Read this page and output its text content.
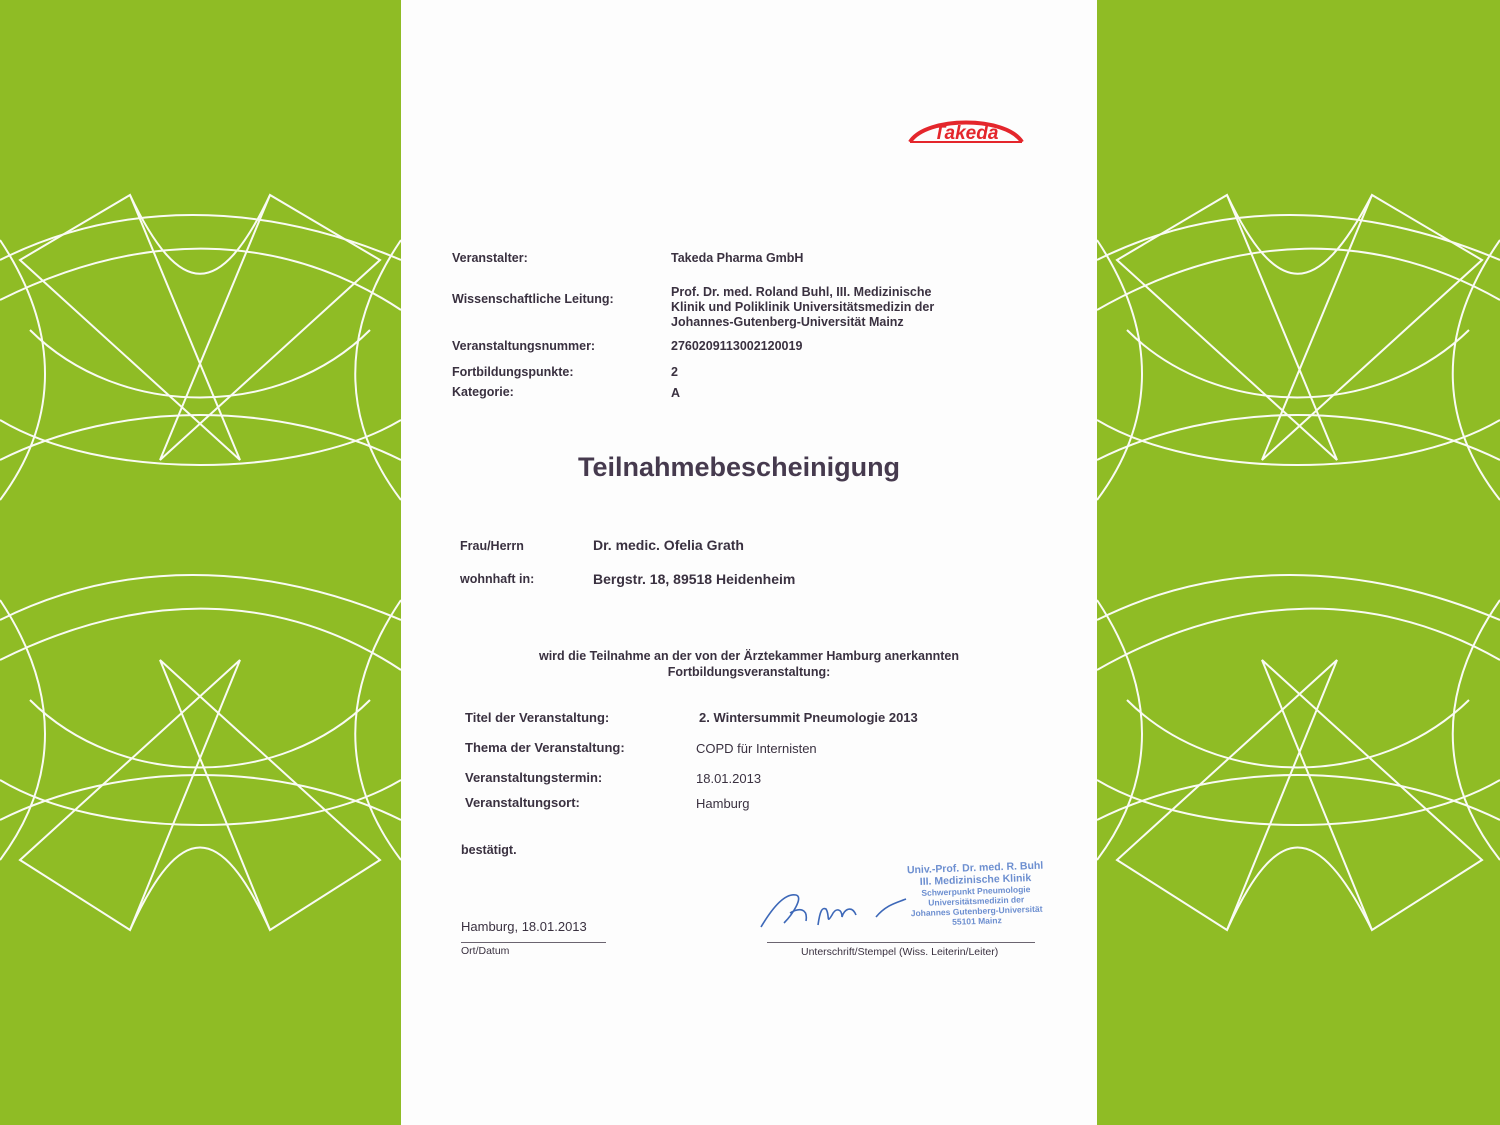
Takeda
Veranstalter:	Takeda Pharma GmbH
Wissenschaftliche Leitung:	Prof. Dr. med. Roland Buhl, III. Medizinische
Klinik und Poliklinik Universitätsmedizin der
Johannes-Gutenberg-Universität Mainz
Veranstaltungsnummer:	2760209113002120019
Fortbildungspunkte:	2
Kategorie:	A
Teilnahmebescheinigung
Frau/Herrn	Dr. medic. Ofelia Grath
wohnhaft in:	Bergstr. 18, 89518 Heidenheim
wird die Teilnahme an der von der Ärztekammer Hamburg anerkannten
Fortbildungsveranstaltung:
Titel der Veranstaltung:	2. Wintersummit Pneumologie 2013
Thema der Veranstaltung:	COPD für Internisten
Veranstaltungstermin:	18.01.2013
Veranstaltungsort:	Hamburg
bestätigt.
Hamburg, 18.01.2013
Ort/Datum
Univ.-Prof. Dr. med. R. Buhl
III. Medizinische Klinik
Schwerpunkt Pneumologie
Universitätsmedizin der
Johannes Gutenberg-Universität
55101 Mainz
Unterschrift/Stempel (Wiss. Leiterin/Leiter)
